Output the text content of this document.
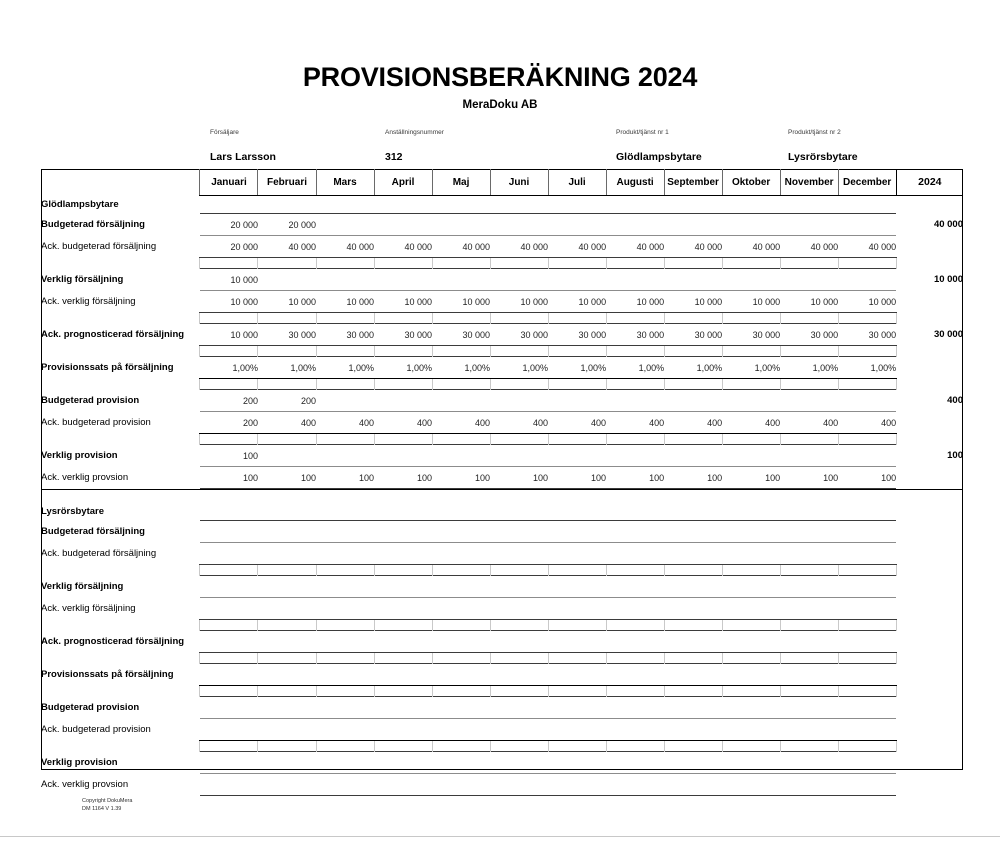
PROVISIONSBERÄKNING 2024
MeraDoku AB
Försäljare
Lars Larsson
Anställningsnummer
312
Produkt/tjänst nr 1
Glödlampsbytare
Produkt/tjänst nr 2
Lysrörsbytare
	Januari	Februari	Mars	April	Maj	Juni	Juli	Augusti	September	Oktober	November	December	2024
Glödlampsbytare													
Budgeterad försäljning	20 000	20 000											40 000
Ack. budgeterad försäljning	20 000	40 000	40 000	40 000	40 000	40 000	40 000	40 000	40 000	40 000	40 000	40 000	

Verklig försäljning	10 000												10 000
Ack. verklig försäljning	10 000	10 000	10 000	10 000	10 000	10 000	10 000	10 000	10 000	10 000	10 000	10 000	

Ack. prognosticerad försäljning	10 000	30 000	30 000	30 000	30 000	30 000	30 000	30 000	30 000	30 000	30 000	30 000	30 000

Provisionssats på försäljning	1,00%	1,00%	1,00%	1,00%	1,00%	1,00%	1,00%	1,00%	1,00%	1,00%	1,00%	1,00%	

Budgeterad provision	200	200											400
Ack. budgeterad provision	200	400	400	400	400	400	400	400	400	400	400	400	

Verklig provision	100												100
Ack. verklig provsion	100	100	100	100	100	100	100	100	100	100	100	100	

Lysrörsbytare													
Budgeterad försäljning													
Ack. budgeterad försäljning													

Verklig försäljning													
Ack. verklig försäljning													

Ack. prognosticerad försäljning													

Provisionssats på försäljning													

Budgeterad provision													
Ack. budgeterad provision													

Verklig provision													
Ack. verklig provsion													
Copyright DokuMera
DM 1164 V 1.39
